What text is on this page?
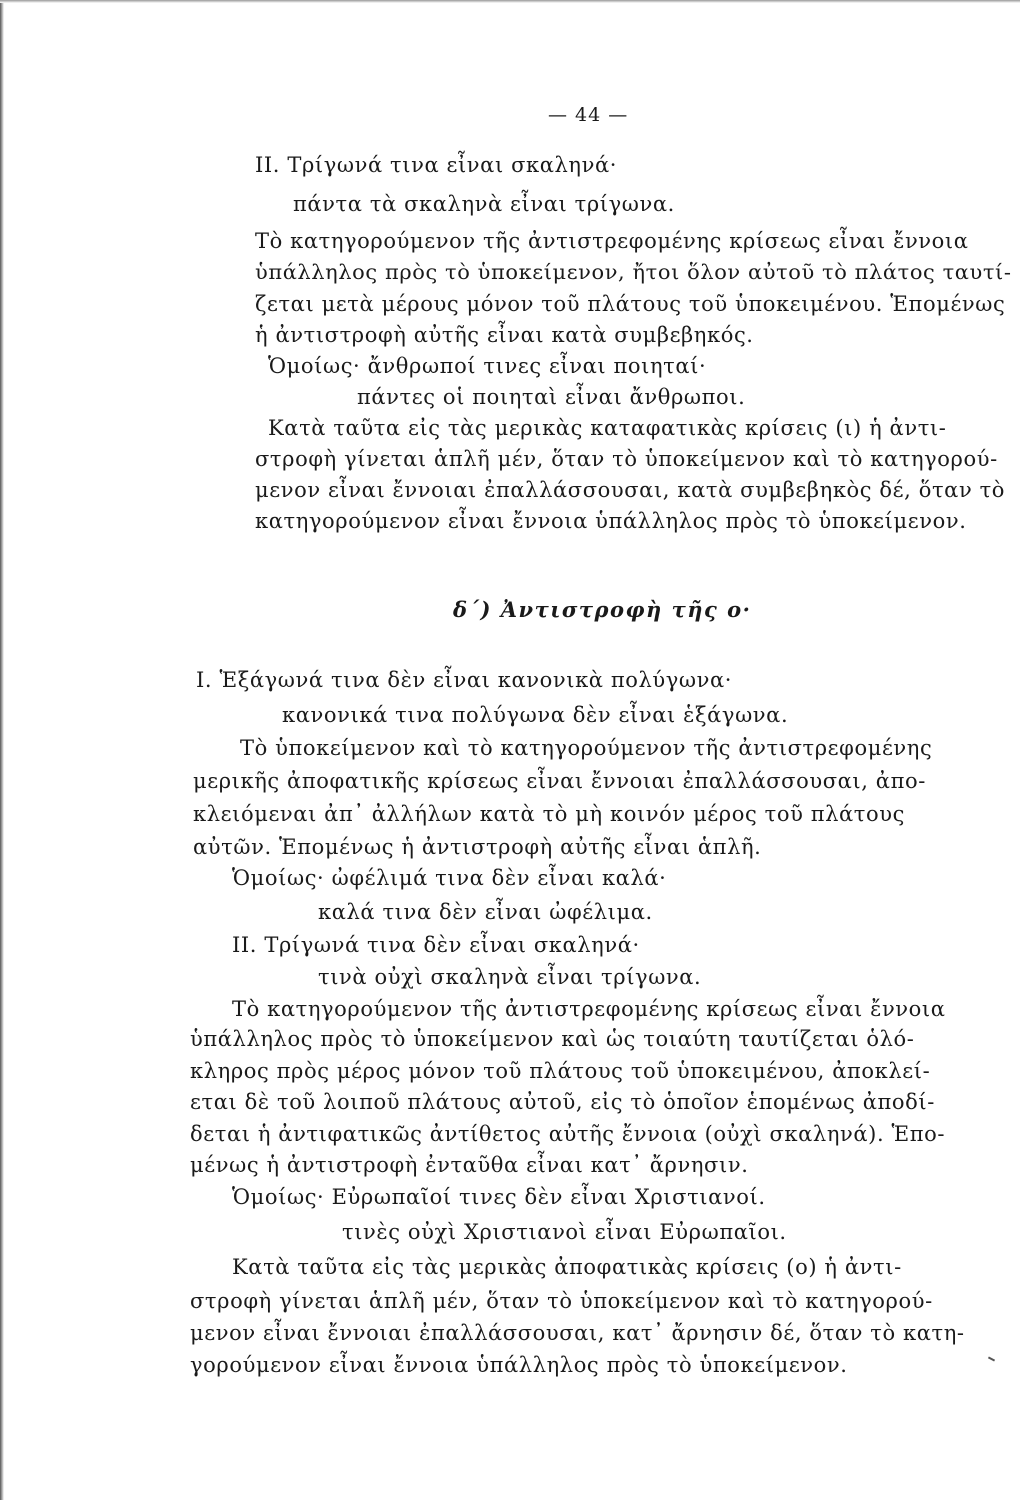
— 44 —
ΙΙ. Τρίγωνά τινα εἶναι σκαληνά·
πάντα τὰ σκαληνὰ εἶναι τρίγωνα.
Τὸ κατηγορούμενον τῆς ἀντιστρεφομένης κρίσεως εἶναι ἔννοια
ὑπάλληλος πρὸς τὸ ὑποκείμενον, ἤτοι ὅλον αὐτοῦ τὸ πλάτος ταυτί-
ζεται μετὰ μέρους μόνον τοῦ πλάτους τοῦ ὑποκειμένου. Ἑπομένως
ἡ ἀντιστροφὴ αὐτῆς εἶναι κατὰ συμβεβηκός.
Ὁμοίως· ἄνθρωποί τινες εἶναι ποιηταί·
πάντες οἱ ποιηταὶ εἶναι ἄνθρωποι.
Κατὰ ταῦτα εἰς τὰς μερικὰς καταφατικὰς κρίσεις (ι) ἡ ἀντι-
στροφὴ γίνεται ἁπλῆ μέν, ὅταν τὸ ὑποκείμενον καὶ τὸ κατηγορού-
μενον εἶναι ἔννοιαι ἐπαλλάσσουσαι, κατὰ συμβεβηκὸς δέ, ὅταν τὸ
κατηγορούμενον εἶναι ἔννοια ὑπάλληλος πρὸς τὸ ὑποκείμενον.
δ΄) Ἀντιστροφὴ τῆς ο·
Ι. Ἑξάγωνά τινα δὲν εἶναι κανονικὰ πολύγωνα·
κανονικά τινα πολύγωνα δὲν εἶναι ἑξάγωνα.
Τὸ ὑποκείμενον καὶ τὸ κατηγορούμενον τῆς ἀντιστρεφομένης
μερικῆς ἀποφατικῆς κρίσεως εἶναι ἔννοιαι ἐπαλλάσσουσαι, ἀπο-
κλειόμεναι ἀπ᾽ ἀλλήλων κατὰ τὸ μὴ κοινόν μέρος τοῦ πλάτους
αὐτῶν. Ἑπομένως ἡ ἀντιστροφὴ αὐτῆς εἶναι ἁπλῆ.
Ὁμοίως· ὠφέλιμά τινα δὲν εἶναι καλά·
καλά τινα δὲν εἶναι ὠφέλιμα.
ΙΙ. Τρίγωνά τινα δὲν εἶναι σκαληνά·
τινὰ οὐχὶ σκαληνὰ εἶναι τρίγωνα.
Τὸ κατηγορούμενον τῆς ἀντιστρεφομένης κρίσεως εἶναι ἔννοια
ὑπάλληλος πρὸς τὸ ὑποκείμενον καὶ ὡς τοιαύτη ταυτίζεται ὁλό-
κληρος πρὸς μέρος μόνον τοῦ πλάτους τοῦ ὑποκειμένου, ἀποκλεί-
εται δὲ τοῦ λοιποῦ πλάτους αὐτοῦ, εἰς τὸ ὁποῖον ἑπομένως ἀποδί-
δεται ἡ ἀντιφατικῶς ἀντίθετος αὐτῆς ἔννοια (οὐχὶ σκαληνά). Ἑπο-
μένως ἡ ἀντιστροφὴ ἐνταῦθα εἶναι κατ᾽ ἄρνησιν.
Ὁμοίως· Εὐρωπαῖοί τινες δὲν εἶναι Χριστιανοί.
τινὲς οὐχὶ Χριστιανοὶ εἶναι Εὐρωπαῖοι.
Κατὰ ταῦτα εἰς τὰς μερικὰς ἀποφατικὰς κρίσεις (ο) ἡ ἀντι-
στροφὴ γίνεται ἁπλῆ μέν, ὅταν τὸ ὑποκείμενον καὶ τὸ κατηγορού-
μενον εἶναι ἔννοιαι ἐπαλλάσσουσαι, κατ᾽ ἄρνησιν δέ, ὅταν τὸ κατη-
γορούμενον εἶναι ἔννοια ὑπάλληλος πρὸς τὸ ὑποκείμενον.
